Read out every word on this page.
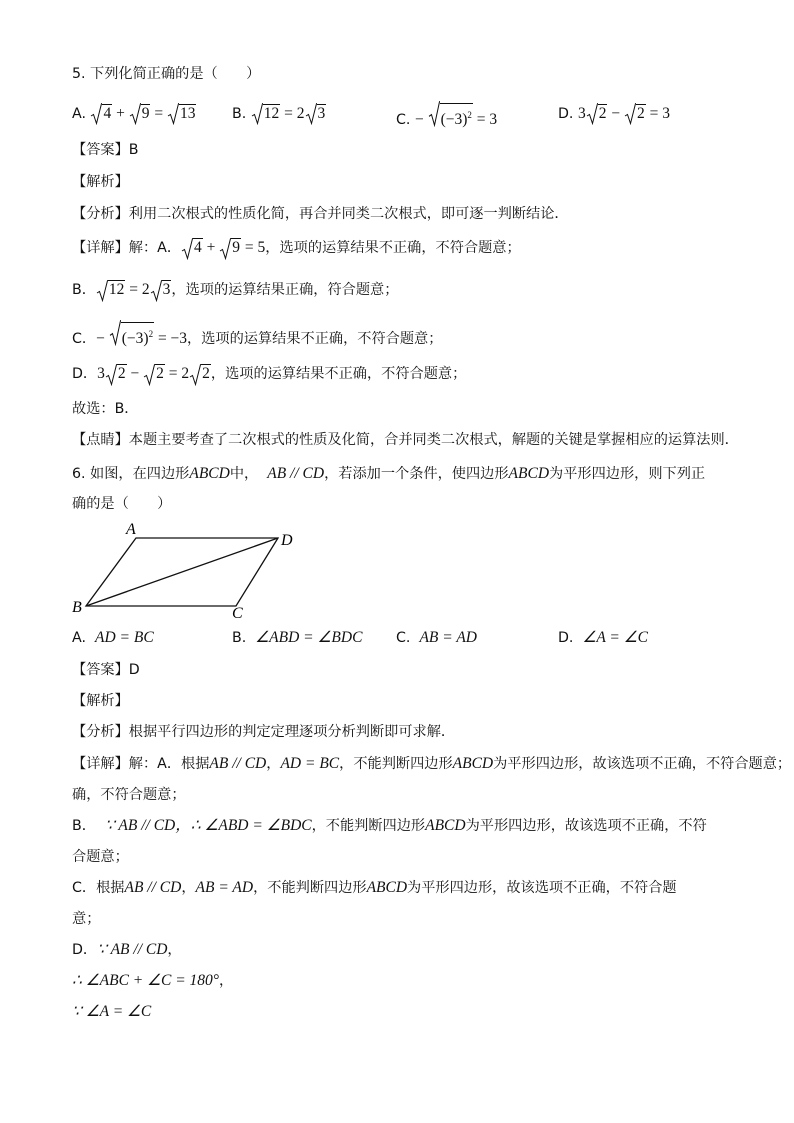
5. 下列化简正确的是（　　）
A. 4 +
9 =
13	B. 12 = 2 3	C. −
$(-3)^2 = 3$	D. 3 2 −
2 = 3
【答案】B
【解析】
【分析】利用二次根式的性质化简，再合并同类二次根式，即可逐一判断结论．
【详解】解：A． 4 +
9 = 5，选项的运算结果不正确，不符合题意；
B． 12 = 2 3，选项的运算结果正确，符合题意；
C．−
$(-3)^2 = -3$，选项的运算结果不正确，不符合题意；
D．3 2 −
2 = 2 2，选项的运算结果不正确，不符合题意；
故选：B．
【点睛】本题主要考查了二次根式的性质及化简，合并同类二次根式，解题的关键是掌握相应的运算法则．
6. 如图，在四边形ABCD中， AB // CD，若添加一个条件，使四边形ABCD为平形四边形，则下列正
确的是（　　）
A
D
B	C
A. AD = BC	B. ∠ABD = ∠BDC C. AB = AD	D. ∠A = ∠C
【答案】D
【解析】
【分析】根据平行四边形的判定定理逐项分析判断即可求解．
【详解】解：A．根据AB // CD，AD = BC，不能判断四边形ABCD为平形四边形，故该选项不正确，不符合题意；
确，不符合题意；
B． ∵ AB // CD，∴ ∠ABD = ∠BDC，不能判断四边形ABCD为平形四边形，故该选项不正确，不符
合题意；
C．根据AB // CD，AB = AD，不能判断四边形ABCD为平形四边形，故该选项不正确，不符合题
意；
D．∵ AB // CD，
∴ ∠ABC + ∠C = 180°，
∵ ∠A = ∠C
